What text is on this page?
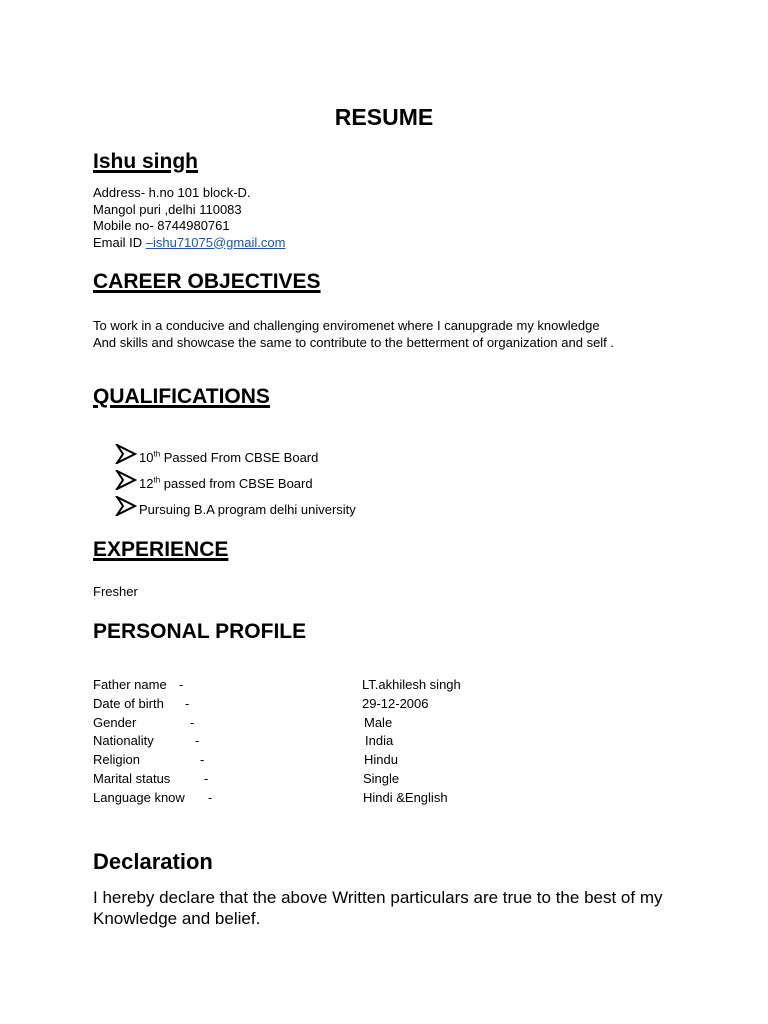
RESUME
Ishu singh
Address- h.no 101 block-D.
Mangol puri ,delhi 110083
Mobile no- 8744980761
Email ID –ishu71075@gmail.com
CAREER OBJECTIVES
To work in a conducive and challenging enviromenet where I canupgrade my knowledge
And skills and showcase the same to contribute to the betterment of organization and self .
QUALIFICATIONS
10th Passed From CBSE Board
12th passed from CBSE Board
Pursuing B.A program delhi university
EXPERIENCE
Fresher
PERSONAL PROFILE
Father name -	LT.akhilesh singh
Date of birth -	29-12-2006
Gender	-	Male
Nationality	-	India
Religion	-	Hindu
Marital status	-	Single
Language know -	Hindi &English
Declaration
I hereby declare that the above Written particulars are true to the best of my Knowledge and belief.
